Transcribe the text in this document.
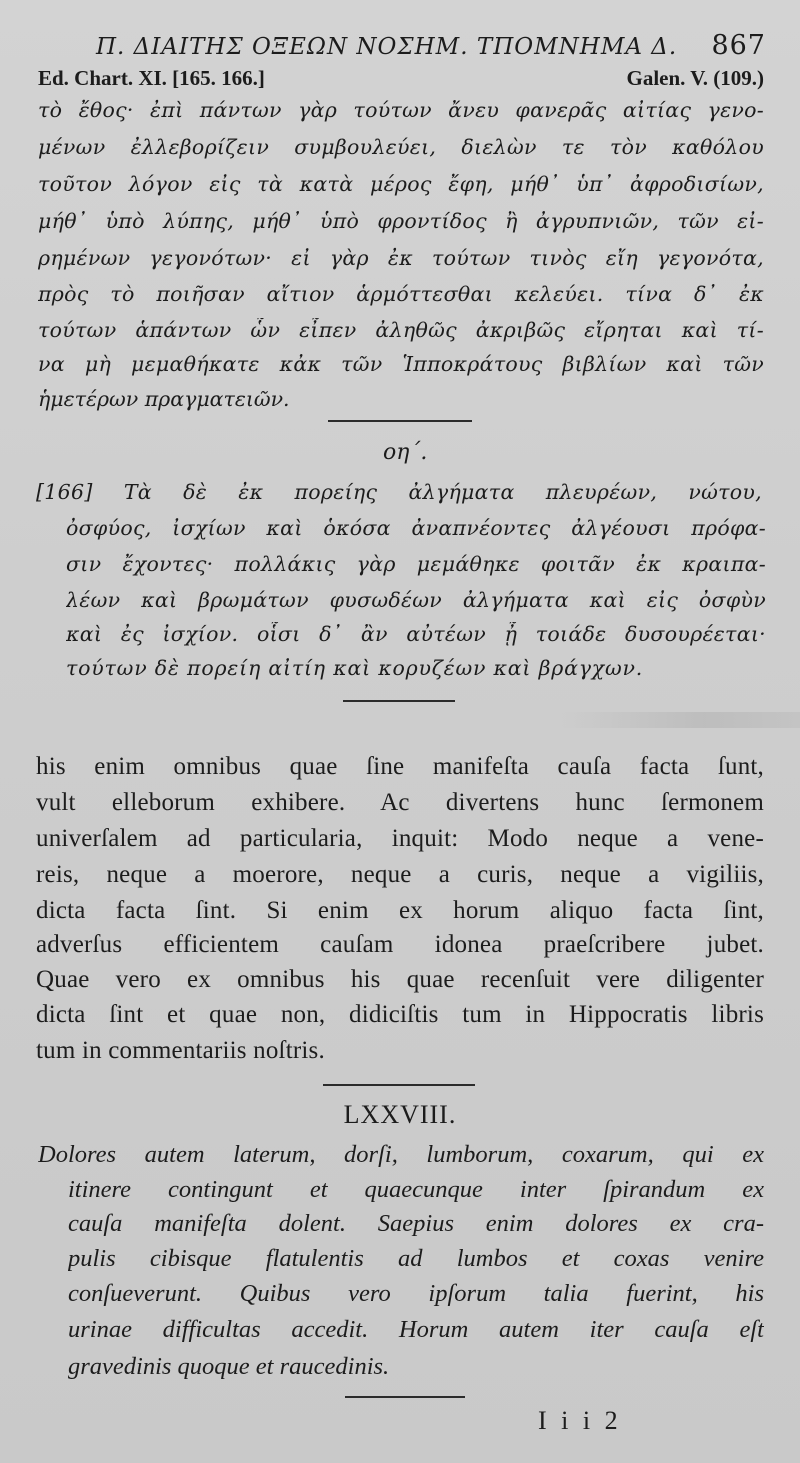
Π. ΔΙΑΙΤΗΣ ΟΞΕΩΝ ΝΟΣΗΜ. ΤΠΟΜΝΗΜΑ Δ. 867
Ed. Chart. XI. [165. 166.]	Galen. V. (109.)
τὸ ἔθος· ἐπὶ πάντων γὰρ τούτων ἄνευ φανερᾶς αἰτίας γενο-
μένων ἐλλεβορίζειν συμβουλεύει, διελὼν τε τὸν καθόλου
τοῦτον λόγον εἰς τὰ κατὰ μέρος ἔφη, μήθ᾽ ὑπ᾽ ἀφροδισίων,
μήθ᾽ ὑπὸ λύπης, μήθ᾽ ὑπὸ φροντίδος ἢ ἀγρυπνιῶν, τῶν εἰ-
ρημένων γεγονότων· εἰ γὰρ ἐκ τούτων τινὸς εἴη γεγονότα,
πρὸς τὸ ποιῆσαν αἴτιον ἁρμόττεσθαι κελεύει. τίνα δ᾽ ἐκ
τούτων ἁπάντων ὧν εἶπεν ἀληθῶς ἀκριβῶς εἴρηται καὶ τί-
να μὴ μεμαθήκατε κἀκ τῶν Ἱπποκράτους βιβλίων καὶ τῶν
ἡμετέρων πραγματειῶν.
οη΄.
[166] Τὰ δὲ ἐκ πορείης ἀλγήματα πλευρέων, νώτου,
ὀσφύος, ἰσχίων καὶ ὁκόσα ἀναπνέοντες ἀλγέουσι πρόφα-
σιν ἔχοντες· πολλάκις γὰρ μεμάθηκε φοιτᾶν ἐκ κραιπα-
λέων καὶ βρωμάτων φυσωδέων ἀλγήματα καὶ εἰς ὀσφὺν
καὶ ἐς ἰσχίον. οἷσι δ᾽ ἂν αὐτέων ᾖ τοιάδε δυσουρέεται·
τούτων δὲ πορείη αἰτίη καὶ κορυζέων καὶ βράγχων.
his enim omnibus quae ſine manifeſta cauſa facta ſunt,
vult elleborum exhibere. Ac divertens hunc ſermonem
univerſalem ad particularia, inquit: Modo neque a vene-
reis, neque a moerore, neque a curis, neque a vigiliis,
dicta facta ſint. Si enim ex horum aliquo facta ſint,
adverſus efficientem cauſam idonea praeſcribere jubet.
Quae vero ex omnibus his quae recenſuit vere diligenter
dicta ſint et quae non, didiciſtis tum in Hippocratis libris
tum in commentariis noſtris.
LXXVIII.
Dolores autem laterum, dorſi, lumborum, coxarum, qui ex
itinere contingunt et quaecunque inter ſpirandum ex
cauſa manifeſta dolent. Saepius enim dolores ex cra-
pulis cibisque flatulentis ad lumbos et coxas venire
conſueverunt. Quibus vero ipſorum talia fuerint, his
urinae difficultas accedit. Horum autem iter cauſa eſt
gravedinis quoque et raucedinis.
I i i 2
